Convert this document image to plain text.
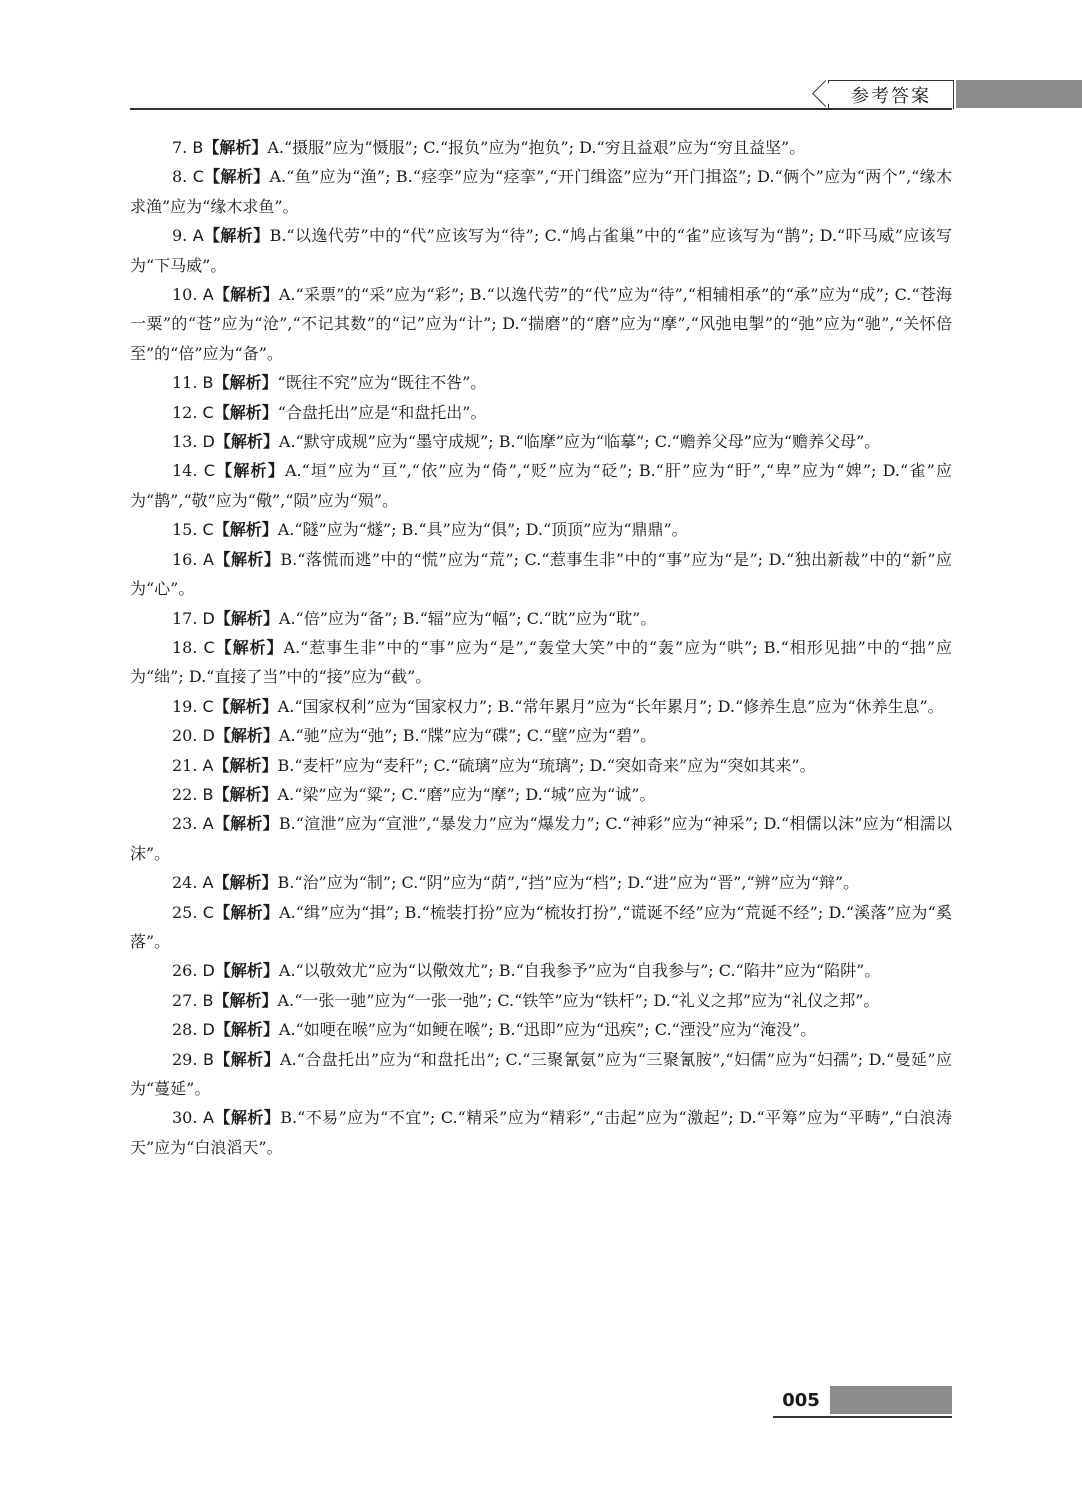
参考答案

7. B【解析】A.“摄服”应为“慑服”; C.“报负”应为“抱负”; D.“穷且益艰”应为“穷且益坚”。

8. C【解析】A.“鱼”应为“渔”; B.“痉孪”应为“痉挛”,“开门缉盗”应为“开门揖盗”; D.“俩个”应为“两个”,“缘木求渔”应为“缘木求鱼”。

9. A【解析】B.“以逸代劳”中的“代”应该写为“待”; C.“鸠占雀巢”中的“雀”应该写为“鹊”; D.“吓马威”应该写为“下马威”。

10. A【解析】A.“采票”的“采”应为“彩”; B.“以逸代劳”的“代”应为“待”,“相辅相承”的“承”应为“成”; C.“苍海一粟”的“苍”应为“沧”,“不记其数”的“记”应为“计”; D.“揣磨”的“磨”应为“摩”,“风弛电掣”的“弛”应为“驰”,“关怀倍至”的“倍”应为“备”。

11. B【解析】“既往不究”应为“既往不咎”。

12. C【解析】“合盘托出”应是“和盘托出”。

13. D【解析】A.“默守成规”应为“墨守成规”; B.“临摩”应为“临摹”; C.“赡养父母”应为“赡养父母”。

14. C【解析】A.“垣”应为“亘”,“依”应为“倚”,“贬”应为“砭”; B.“肝”应为“盱”,“卑”应为“婢”; D.“雀”应为“鹊”,“敬”应为“儆”,“陨”应为“殒”。

15. C【解析】A.“隧”应为“燧”; B.“具”应为“俱”; D.“顶顶”应为“鼎鼎”。

16. A【解析】B.“落慌而逃”中的“慌”应为“荒”; C.“惹事生非”中的“事”应为“是”; D.“独出新裁”中的“新”应为“心”。

17. D【解析】A.“倍”应为“备”; B.“辐”应为“幅”; C.“眈”应为“耽”。

18. C【解析】A.“惹事生非”中的“事”应为“是”,“轰堂大笑”中的“轰”应为“哄”; B.“相形见拙”中的“拙”应为“绌”; D.“直接了当”中的“接”应为“截”。

19. C【解析】A.“国家权利”应为“国家权力”; B.“常年累月”应为“长年累月”; D.“修养生息”应为“休养生息”。

20. D【解析】A.“驰”应为“弛”; B.“牒”应为“碟”; C.“壁”应为“碧”。

21. A【解析】B.“麦杆”应为“麦秆”; C.“硫璃”应为“琉璃”; D.“突如奇来”应为“突如其来”。

22. B【解析】A.“梁”应为“粱”; C.“磨”应为“摩”; D.“城”应为“诚”。

23. A【解析】B.“渲泄”应为“宣泄”,“暴发力”应为“爆发力”; C.“神彩”应为“神采”; D.“相儒以沫”应为“相濡以沫”。

24. A【解析】B.“治”应为“制”; C.“阴”应为“荫”,“挡”应为“档”; D.“进”应为“晋”,“辨”应为“辩”。

25. C【解析】A.“缉”应为“揖”; B.“梳装打扮”应为“梳妆打扮”,“谎诞不经”应为“荒诞不经”; D.“溪落”应为“奚落”。

26. D【解析】A.“以敬效尤”应为“以儆效尤”; B.“自我参予”应为“自我参与”; C.“陷井”应为“陷阱”。

27. B【解析】A.“一张一驰”应为“一张一弛”; C.“铁竿”应为“铁杆”; D.“礼义之邦”应为“礼仪之邦”。

28. D【解析】A.“如哽在喉”应为“如鲠在喉”; B.“迅即”应为“迅疾”; C.“湮没”应为“淹没”。

29. B【解析】A.“合盘托出”应为“和盘托出”; C.“三聚氰氨”应为“三聚氰胺”,“妇儒”应为“妇孺”; D.“曼延”应为“蔓延”。

30. A【解析】B.“不易”应为“不宜”; C.“精采”应为“精彩”,“击起”应为“激起”; D.“平筹”应为“平畴”,“白浪涛天”应为“白浪滔天”。

005
